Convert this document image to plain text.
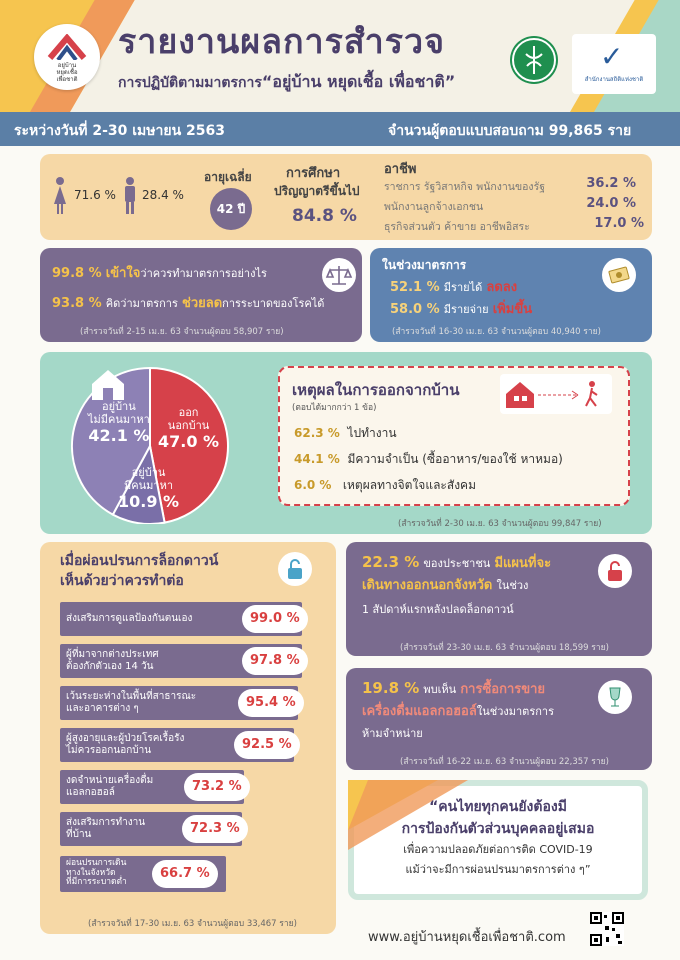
อยู่บ้าน
หยุดเชื้อ
เพื่อชาติ
รายงานผลการสำรวจ
การปฏิบัติตามมาตรการ“อยู่บ้าน หยุดเชื้อ เพื่อชาติ”
✓
สำนักงานสถิติแห่งชาติ
ระหว่างวันที่ 2-30 เมษายน 2563	จำนวนผู้ตอบแบบสอบถาม 99,865 ราย
71.6 % 28.4 %
อายุเฉลี่ย
42 ปี
การศึกษา
ปริญญาตรีขึ้นไป
84.8 %
อาชีพ
ราชการ รัฐวิสาหกิจ พนักงานของรัฐ	36.2 %
พนักงานลูกจ้างเอกชน	24.0 %
ธุรกิจส่วนตัว ค้าขาย อาชีพอิสระ	17.0 %
99.8 % เข้าใจว่าควรทำมาตรการอย่างไร
93.8 % คิดว่ามาตรการ ช่วยลดการระบาดของโรคได้
(สำรวจวันที่ 2-15 เม.ย. 63 จำนวนผู้ตอบ 58,907 ราย)
ในช่วงมาตรการ
52.1 % มีรายได้ ลดลง
58.0 % มีรายจ่าย เพิ่มขึ้น
(สำรวจวันที่ 16-30 เม.ย. 63 จำนวนผู้ตอบ 40,940 ราย)
อยู่บ้าน
ไม่มีคนมาหา
42.1 %
ออก
นอกบ้าน
47.0 %
อยู่บ้าน
มีคนมาหา
10.9 %
เหตุผลในการออกจากบ้าน
(ตอบได้มากกว่า 1 ข้อ)
62.3 % ไปทำงาน
44.1 % มีความจำเป็น (ซื้ออาหาร/ของใช้ หาหมอ)
6.0 % เหตุผลทางจิตใจและสังคม
(สำรวจวันที่ 2-30 เม.ย. 63 จำนวนผู้ตอบ 99,847 ราย)
เมื่อผ่อนปรนการล็อกดาวน์
เห็นด้วยว่าควรทำต่อ
ส่งเสริมการดูแลป้องกันตนเอง	99.0 %
ผู้ที่มาจากต่างประเทศ
ต้องกักตัวเอง 14 วัน	97.8 %
เว้นระยะห่างในพื้นที่สาธารณะ
และอาคารต่าง ๆ	95.4 %
ผู้สูงอายุและผู้ป่วยโรคเรื้อรัง
ไม่ควรออกนอกบ้าน	92.5 %
งดจำหน่ายเครื่องดื่ม
แอลกอฮอล์	73.2 %
ส่งเสริมการทำงาน
ที่บ้าน	72.3 %
ผ่อนปรนการเดิน
ทางในจังหวัด
ที่มีการระบาดต่ำ
66.7 %
(สำรวจวันที่ 17-30 เม.ย. 63 จำนวนผู้ตอบ 33,467 ราย)
22.3 % ของประชาชน มีแผนที่จะ
เดินทางออกนอกจังหวัด ในช่วง
1 สัปดาห์แรกหลังปลดล็อกดาวน์
(สำรวจวันที่ 23-30 เม.ย. 63 จำนวนผู้ตอบ 18,599 ราย)
19.8 % พบเห็น การซื้อการขาย
เครื่องดื่มแอลกอฮอล์ในช่วงมาตรการ
ห้ามจำหน่าย
(สำรวจวันที่ 16-22 เม.ย. 63 จำนวนผู้ตอบ 22,357 ราย)
“คนไทยทุกคนยังต้องมี
การป้องกันตัวส่วนบุคคลอยู่เสมอ
เพื่อความปลอดภัยต่อการติด COVID-19
แม้ว่าจะมีการผ่อนปรนมาตรการต่าง ๆ”
www.อยู่บ้านหยุดเชื้อเพื่อชาติ.com
